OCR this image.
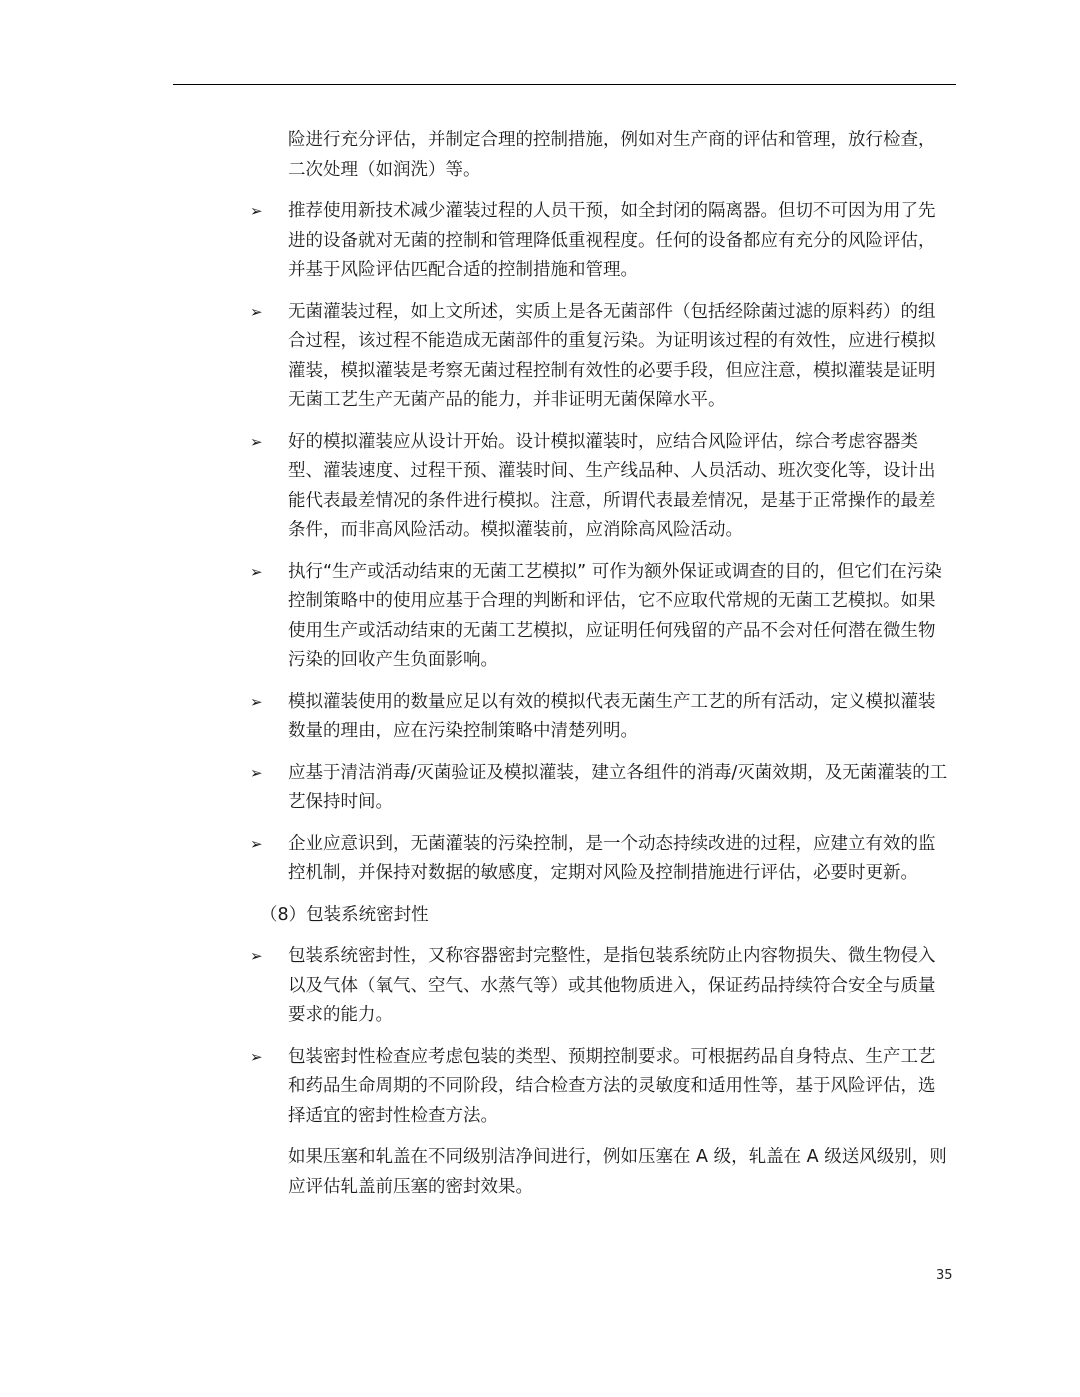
险进行充分评估，并制定合理的控制措施，例如对生产商的评估和管理，放行检查，二次处理（如润洗）等。

➢	推荐使用新技术减少灌装过程的人员干预，如全封闭的隔离器。但切不可因为用了先进的设备就对无菌的控制和管理降低重视程度。任何的设备都应有充分的风险评估，并基于风险评估匹配合适的控制措施和管理。
➢	无菌灌装过程，如上文所述，实质上是各无菌部件（包括经除菌过滤的原料药）的组合过程，该过程不能造成无菌部件的重复污染。为证明该过程的有效性，应进行模拟灌装，模拟灌装是考察无菌过程控制有效性的必要手段，但应注意，模拟灌装是证明无菌工艺生产无菌产品的能力，并非证明无菌保障水平。
➢	好的模拟灌装应从设计开始。设计模拟灌装时，应结合风险评估，综合考虑容器类型、灌装速度、过程干预、灌装时间、生产线品种、人员活动、班次变化等，设计出能代表最差情况的条件进行模拟。注意，所谓代表最差情况，是基于正常操作的最差条件，而非高风险活动。模拟灌装前，应消除高风险活动。
➢	执行“生产或活动结束的无菌工艺模拟” 可作为额外保证或调查的目的，但它们在污染控制策略中的使用应基于合理的判断和评估，它不应取代常规的无菌工艺模拟。如果使用生产或活动结束的无菌工艺模拟，应证明任何残留的产品不会对任何潜在微生物污染的回收产生负面影响。
➢	模拟灌装使用的数量应足以有效的模拟代表无菌生产工艺的所有活动，定义模拟灌装数量的理由，应在污染控制策略中清楚列明。
➢	应基于清洁消毒/灭菌验证及模拟灌装，建立各组件的消毒/灭菌效期，及无菌灌装的工艺保持时间。
➢	企业应意识到，无菌灌装的污染控制，是一个动态持续改进的过程，应建立有效的监控机制，并保持对数据的敏感度，定期对风险及控制措施进行评估，必要时更新。
（8）包装系统密封性
➢	包装系统密封性，又称容器密封完整性，是指包装系统防止内容物损失、微生物侵入以及气体（氧气、空气、水蒸气等）或其他物质进入，保证药品持续符合安全与质量要求的能力。
➢	包装密封性检查应考虑包装的类型、预期控制要求。可根据药品自身特点、生产工艺和药品生命周期的不同阶段，结合检查方法的灵敏度和适用性等，基于风险评估，选择适宜的密封性检查方法。

如果压塞和轧盖在不同级别洁净间进行，例如压塞在 A 级，轧盖在 A 级送风级别，则应评估轧盖前压塞的密封效果。

35
